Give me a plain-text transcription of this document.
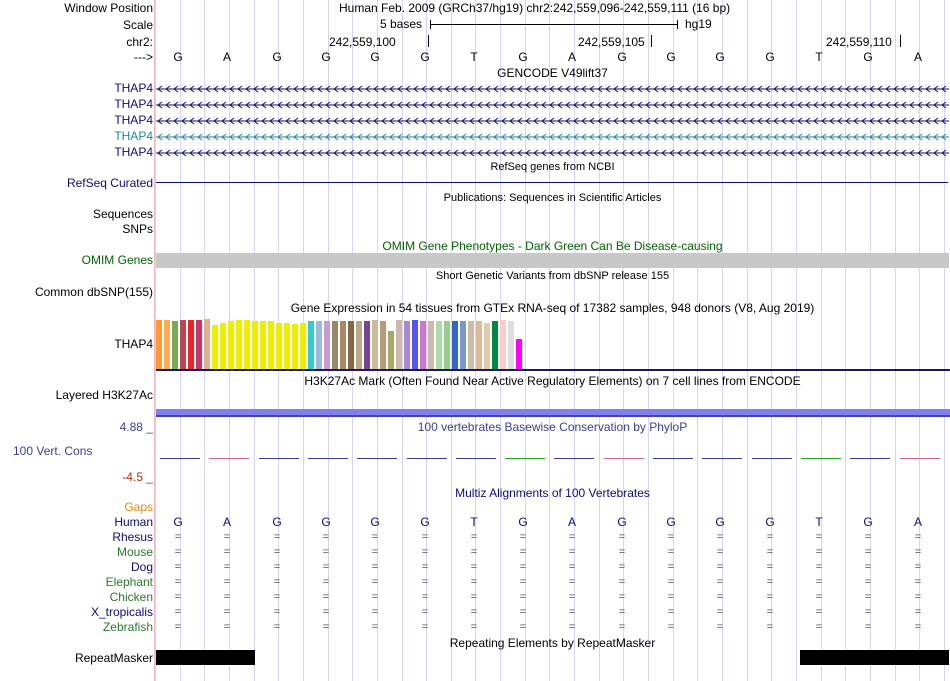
Window Position	Human Feb. 2009 (GRCh37/hg19) chr2:242,559,096-242,559,111 (16 bp)
Scale	5 bases	hg19
chr2:	242,559,100	242,559,105	242,559,110
--->	G	A	G	G	G	G	T	G	A	G	G	G	G	T	G	A
GENCODE V49lift37
THAP4
THAP4
THAP4
THAP4
THAP4
RefSeq genes from NCBI
RefSeq Curated
Publications: Sequences in Scientific Articles
Sequences
SNPs
OMIM Gene Phenotypes - Dark Green Can Be Disease-causing
OMIM Genes
Short Genetic Variants from dbSNP release 155
Common dbSNP(155)
Gene Expression in 54 tissues from GTEx RNA-seq of 17382 samples, 948 donors (V8, Aug 2019)
THAP4
H3K27Ac Mark (Often Found Near Active Regulatory Elements) on 7 cell lines from ENCODE
Layered H3K27Ac
4.88 _	100 vertebrates Basewise Conservation by PhyloP
100 Vert. Cons
-4.5 _
Multiz Alignments of 100 Vertebrates
Gaps
Human	G	A	G	G	G	G	T	G	A	G	G	G	G	T	G	A
Rhesus	=	=	=	=	=	=	=	=	=	=	=	=	=	=	=	=
Mouse	=	=	=	=	=	=	=	=	=	=	=	=	=	=	=	=
Dog	=	=	=	=	=	=	=	=	=	=	=	=	=	=	=	=
Elephant	=	=	=	=	=	=	=	=	=	=	=	=	=	=	=	=
Chicken	=	=	=	=	=	=	=	=	=	=	=	=	=	=	=	=
X_tropicalis	=	=	=	=	=	=	=	=	=	=	=	=	=	=	=	=
Zebrafish	=	=	=	=	=	=	=	=	=	=	=	=	=	=	=	=
Repeating Elements by RepeatMasker
RepeatMasker
